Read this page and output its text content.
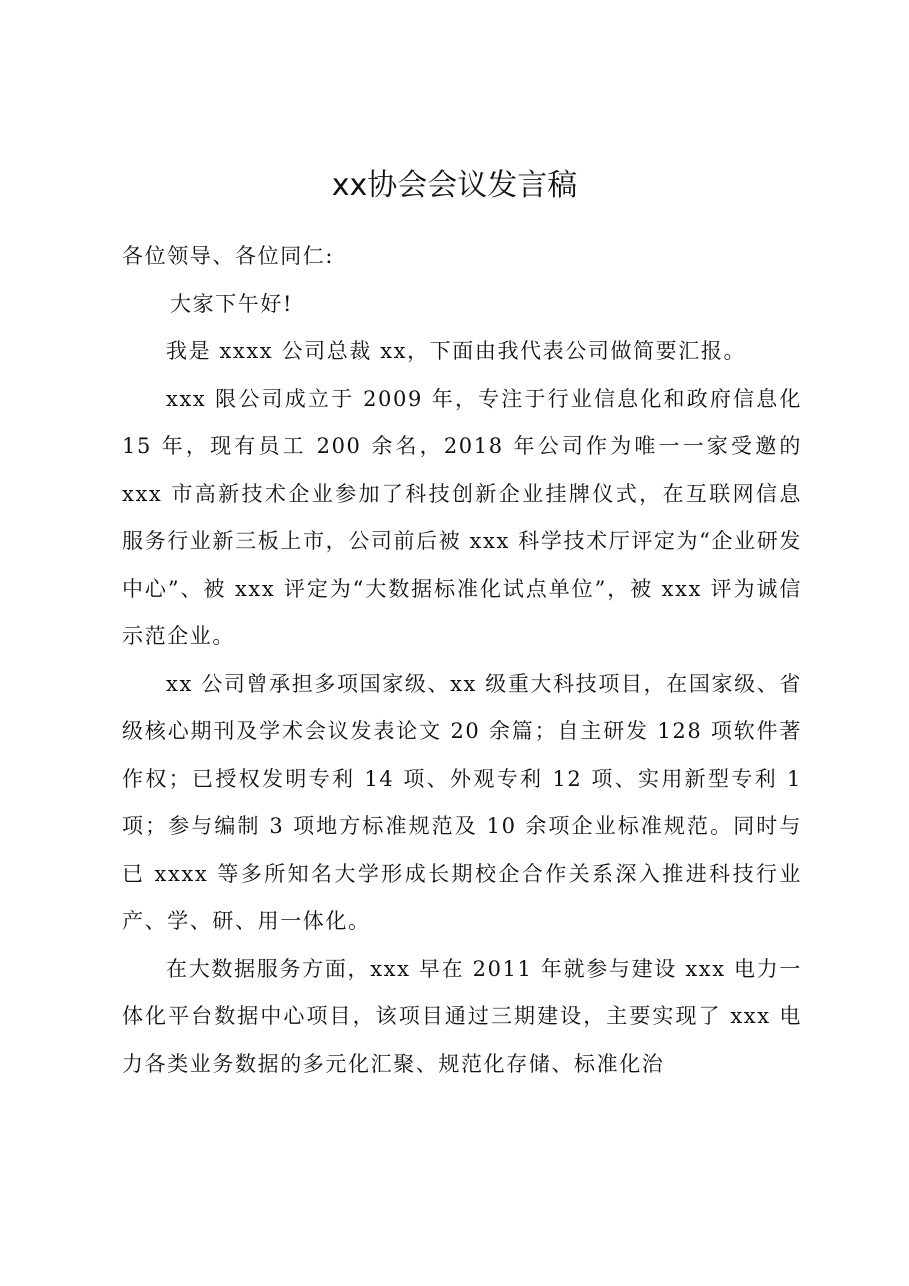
xx协会会议发言稿

各位领导、各位同仁:

大家下午好!

我是 xxxx 公司总裁 xx，下面由我代表公司做简要汇报。

xxx 限公司成立于 2009 年，专注于行业信息化和政府信息化 15 年，现有员工 200 余名，2018 年公司作为唯一一家受邀的 xxx 市高新技术企业参加了科技创新企业挂牌仪式，在互联网信息服务行业新三板上市，公司前后被 xxx 科学技术厅评定为“企业研发中心”、被 xxx 评定为“大数据标准化试点单位”，被 xxx 评为诚信示范企业。

xx 公司曾承担多项国家级、xx 级重大科技项目，在国家级、省级核心期刊及学术会议发表论文 20 余篇；自主研发 128 项软件著作权；已授权发明专利 14 项、外观专利 12 项、实用新型专利 1 项；参与编制 3 项地方标准规范及 10 余项企业标准规范。同时与已 xxxx 等多所知名大学形成长期校企合作关系深入推进科技行业产、学、研、用一体化。

在大数据服务方面，xxx 早在 2011 年就参与建设 xxx 电力一体化平台数据中心项目，该项目通过三期建设，主要实现了 xxx 电力各类业务数据的多元化汇聚、规范化存储、标准化治
